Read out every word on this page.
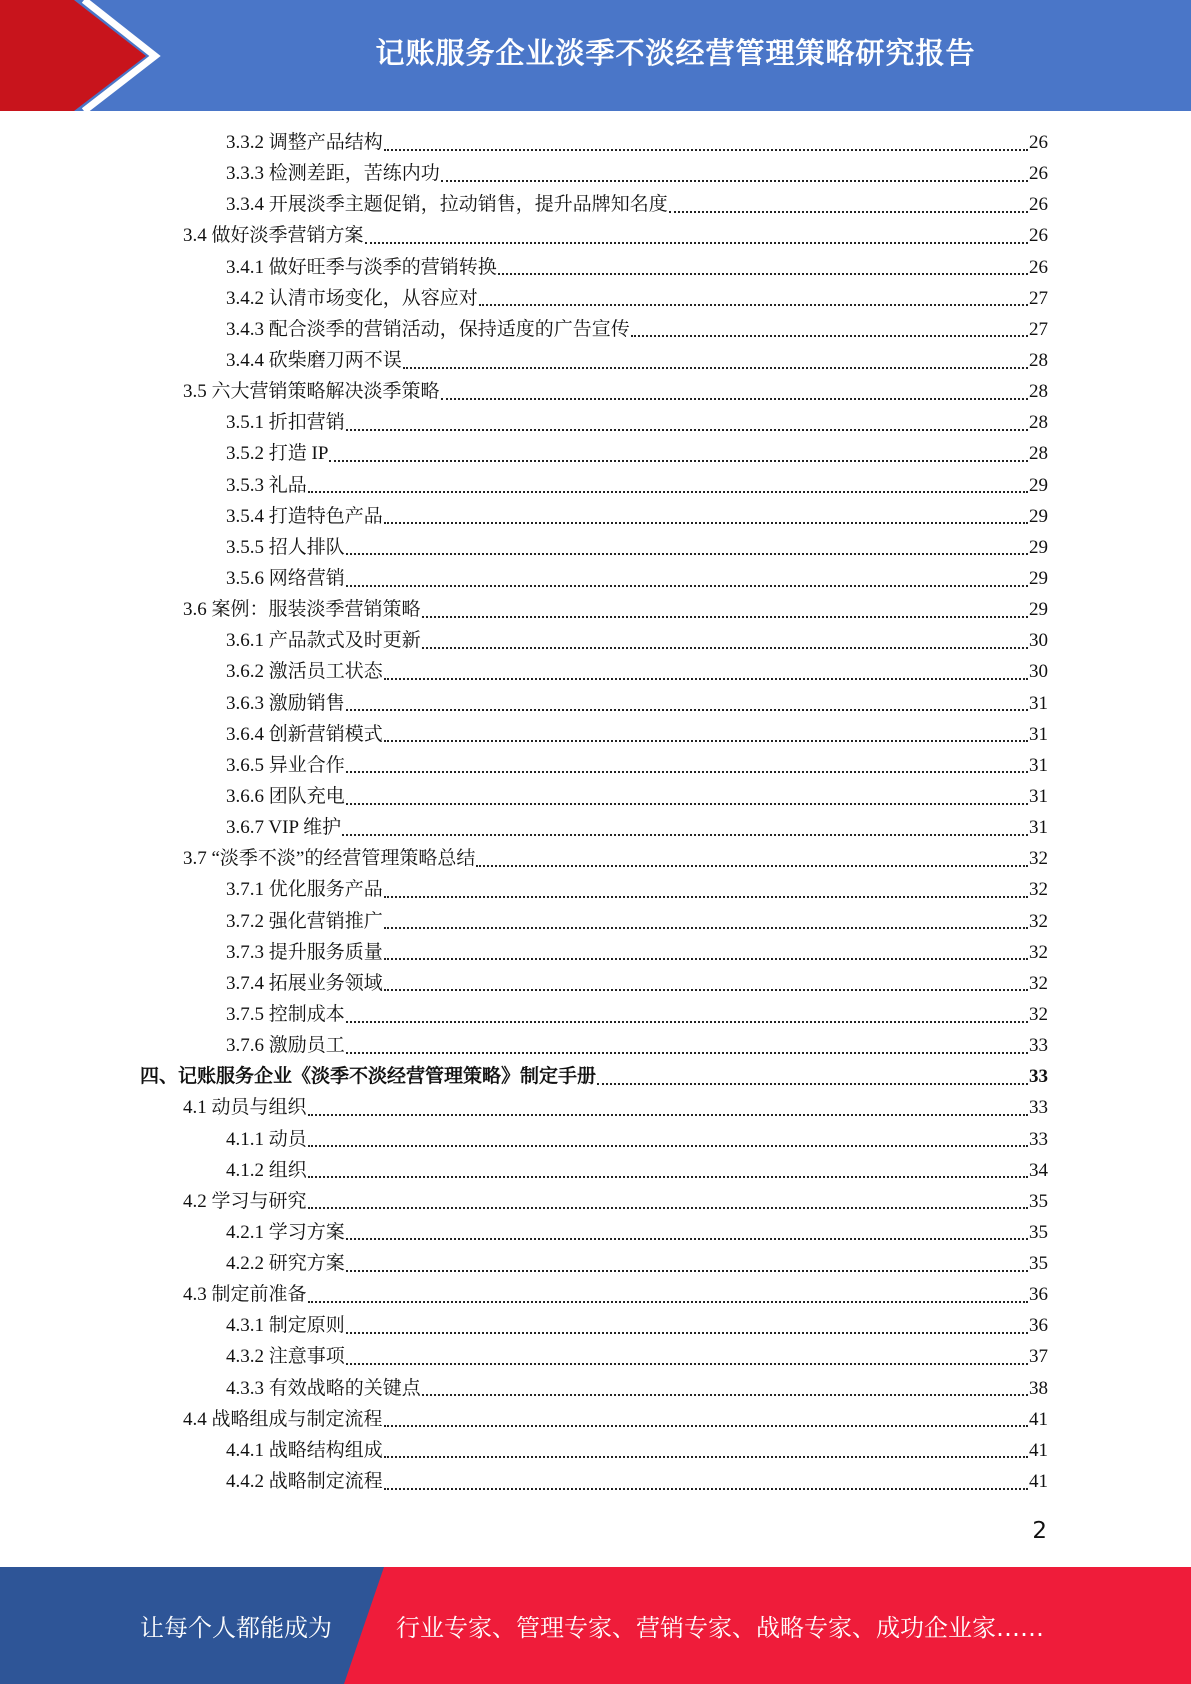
记账服务企业淡季不淡经营管理策略研究报告
3.3.2 调整产品结构	26
3.3.3 检测差距，苦练内功	26
3.3.4 开展淡季主题促销，拉动销售，提升品牌知名度	26
3.4 做好淡季营销方案	26
3.4.1 做好旺季与淡季的营销转换	26
3.4.2 认清市场变化，从容应对	27
3.4.3 配合淡季的营销活动，保持适度的广告宣传	27
3.4.4 砍柴磨刀两不误	28
3.5 六大营销策略解决淡季策略	28
3.5.1 折扣营销	28
3.5.2 打造 IP	28
3.5.3 礼品	29
3.5.4 打造特色产品	29
3.5.5 招人排队	29
3.5.6 网络营销	29
3.6 案例：服装淡季营销策略	29
3.6.1 产品款式及时更新	30
3.6.2 激活员工状态	30
3.6.3 激励销售	31
3.6.4 创新营销模式	31
3.6.5 异业合作	31
3.6.6 团队充电	31
3.6.7 VIP 维护	31
3.7 “淡季不淡”的经营管理策略总结	32
3.7.1 优化服务产品	32
3.7.2 强化营销推广	32
3.7.3 提升服务质量	32
3.7.4 拓展业务领域	32
3.7.5 控制成本	32
3.7.6 激励员工	33
四、记账服务企业《淡季不淡经营管理策略》制定手册	33
4.1 动员与组织	33
4.1.1 动员	33
4.1.2 组织	34
4.2 学习与研究	35
4.2.1 学习方案	35
4.2.2 研究方案	35
4.3 制定前准备	36
4.3.1 制定原则	36
4.3.2 注意事项	37
4.3.3 有效战略的关键点	38
4.4 战略组成与制定流程	41
4.4.1 战略结构组成	41
4.4.2 战略制定流程	41
2
让每个人都能成为	行业专家、管理专家、营销专家、战略专家、成功企业家……
